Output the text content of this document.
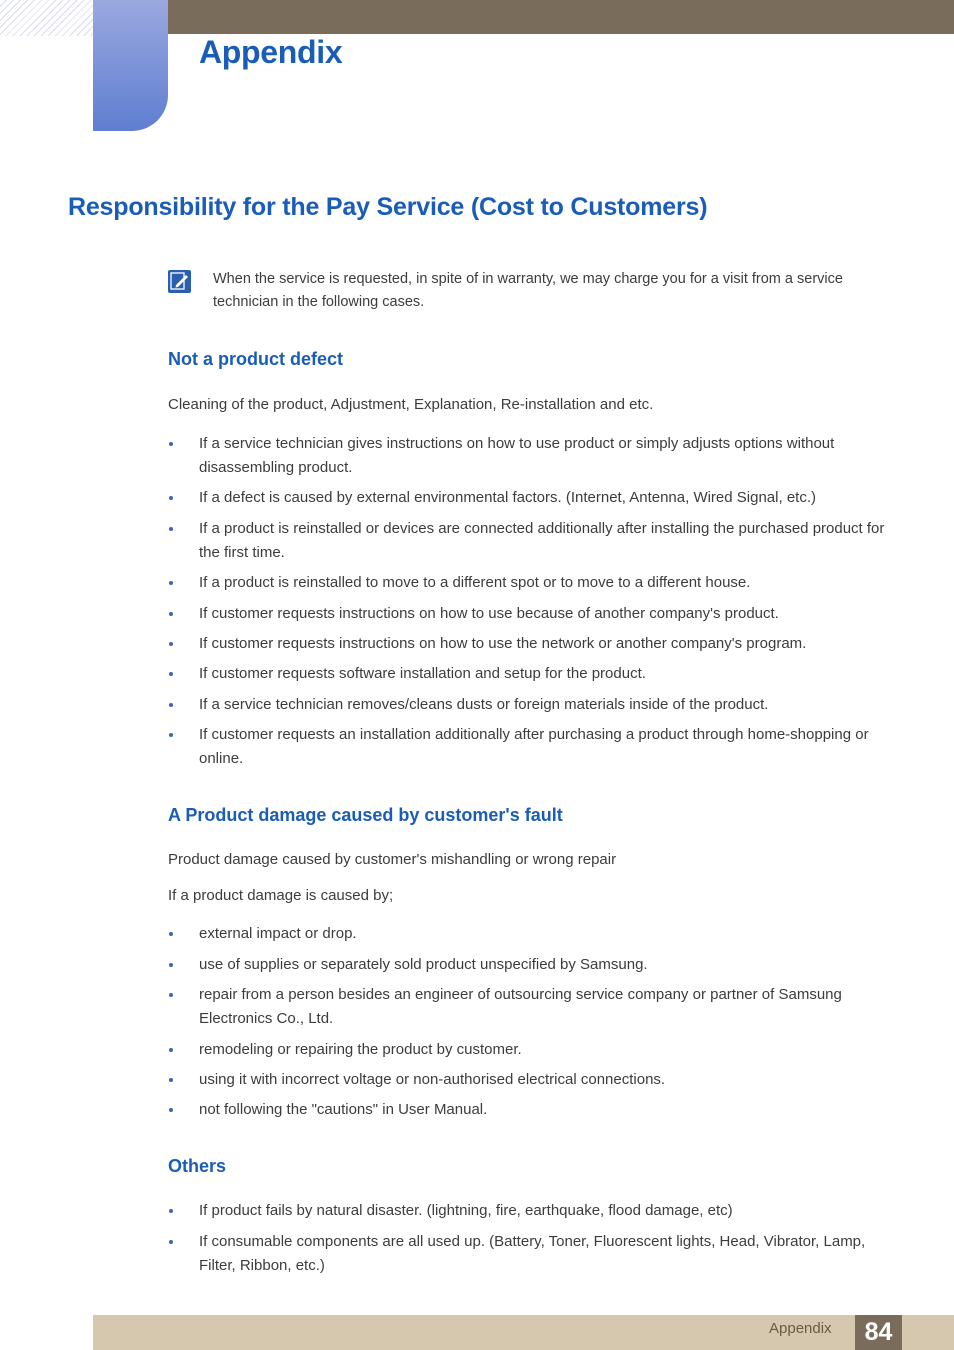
Appendix
Responsibility for the Pay Service (Cost to Customers)

When the service is requested, in spite of in warranty, we may charge you for a visit from a service technician in the following cases.

Not a product defect

Cleaning of the product, Adjustment, Explanation, Re-installation and etc.

If a service technician gives instructions on how to use product or simply adjusts options without disassembling product.
If a defect is caused by external environmental factors. (Internet, Antenna, Wired Signal, etc.)
If a product is reinstalled or devices are connected additionally after installing the purchased product for the first time.
If a product is reinstalled to move to a different spot or to move to a different house.
If customer requests instructions on how to use because of another company's product.
If customer requests instructions on how to use the network or another company's program.
If customer requests software installation and setup for the product.
If a service technician removes/cleans dusts or foreign materials inside of the product.
If customer requests an installation additionally after purchasing a product through home-shopping or online.
A Product damage caused by customer's fault

Product damage caused by customer's mishandling or wrong repair

If a product damage is caused by;

external impact or drop.
use of supplies or separately sold product unspecified by Samsung.
repair from a person besides an engineer of outsourcing service company or partner of Samsung Electronics Co., Ltd.
remodeling or repairing the product by customer.
using it with incorrect voltage or non-authorised electrical connections.
not following the "cautions" in User Manual.
Others
If product fails by natural disaster. (lightning, fire, earthquake, flood damage, etc)
If consumable components are all used up. (Battery, Toner, Fluorescent lights, Head, Vibrator, Lamp, Filter, Ribbon, etc.)
Appendix	84
